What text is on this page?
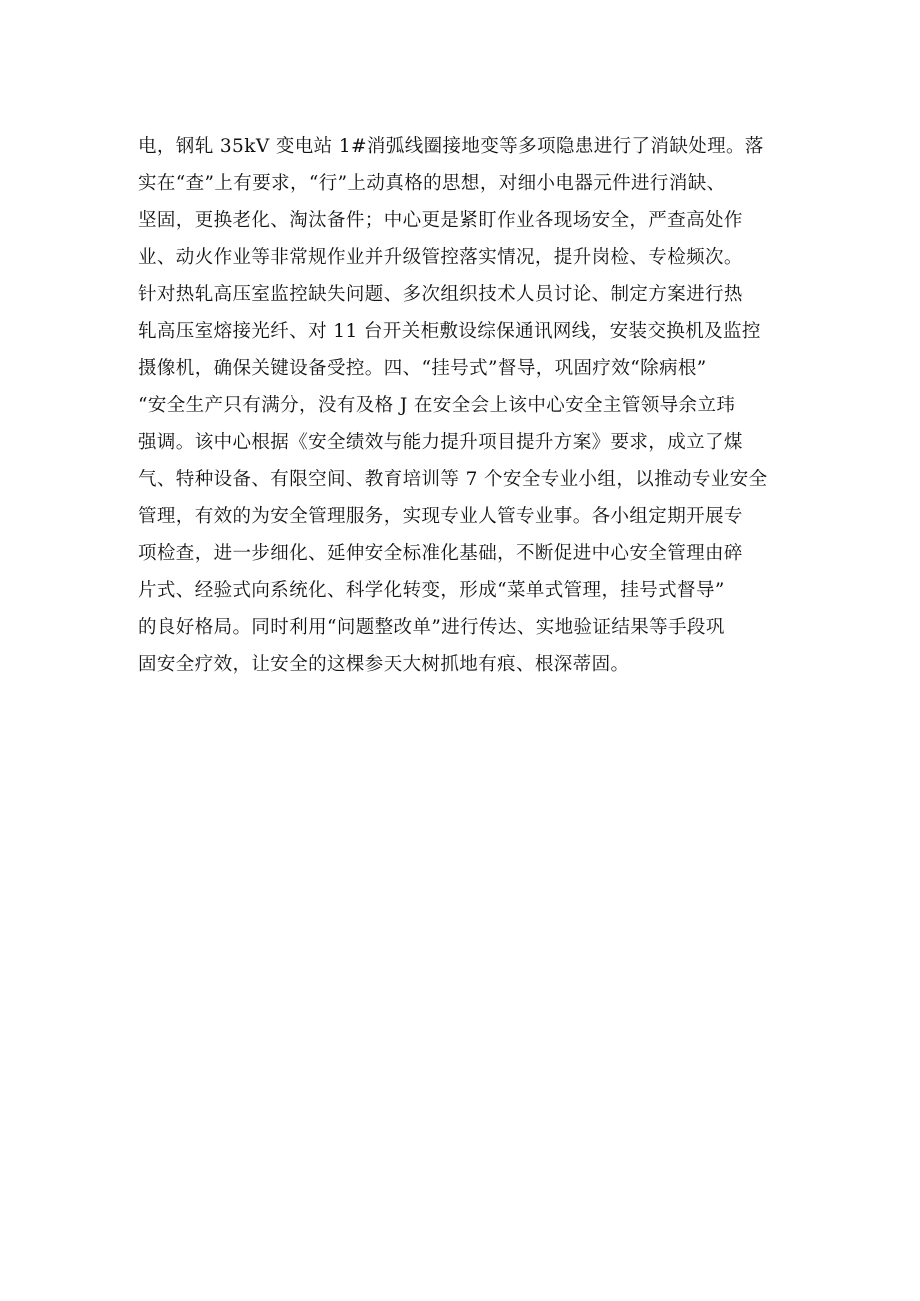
电，钢轧 35kV 变电站 1#消弧线圈接地变等多项隐患进行了消缺处理。落
实在“查”上有要求，“行”上动真格的思想，对细小电器元件进行消缺、
坚固，更换老化、淘汰备件；中心更是紧盯作业各现场安全，严查高处作
业、动火作业等非常规作业并升级管控落实情况，提升岗检、专检频次。
针对热轧高压室监控缺失问题、多次组织技术人员讨论、制定方案进行热
轧高压室熔接光纤、对 11 台开关柜敷设综保通讯网线，安装交换机及监控
摄像机，确保关键设备受控。四、“挂号式”督导，巩固疗效“除病根”
“安全生产只有满分，没有及格 J 在安全会上该中心安全主管领导余立玮
强调。该中心根据《安全绩效与能力提升项目提升方案》要求，成立了煤
气、特种设备、有限空间、教育培训等 7 个安全专业小组，以推动专业安全
管理，有效的为安全管理服务，实现专业人管专业事。各小组定期开展专
项检查，进一步细化、延伸安全标准化基础，不断促进中心安全管理由碎
片式、经验式向系统化、科学化转变，形成“菜单式管理，挂号式督导”
的良好格局。同时利用“问题整改单”进行传达、实地验证结果等手段巩
固安全疗效，让安全的这棵参天大树抓地有痕、根深蒂固。
